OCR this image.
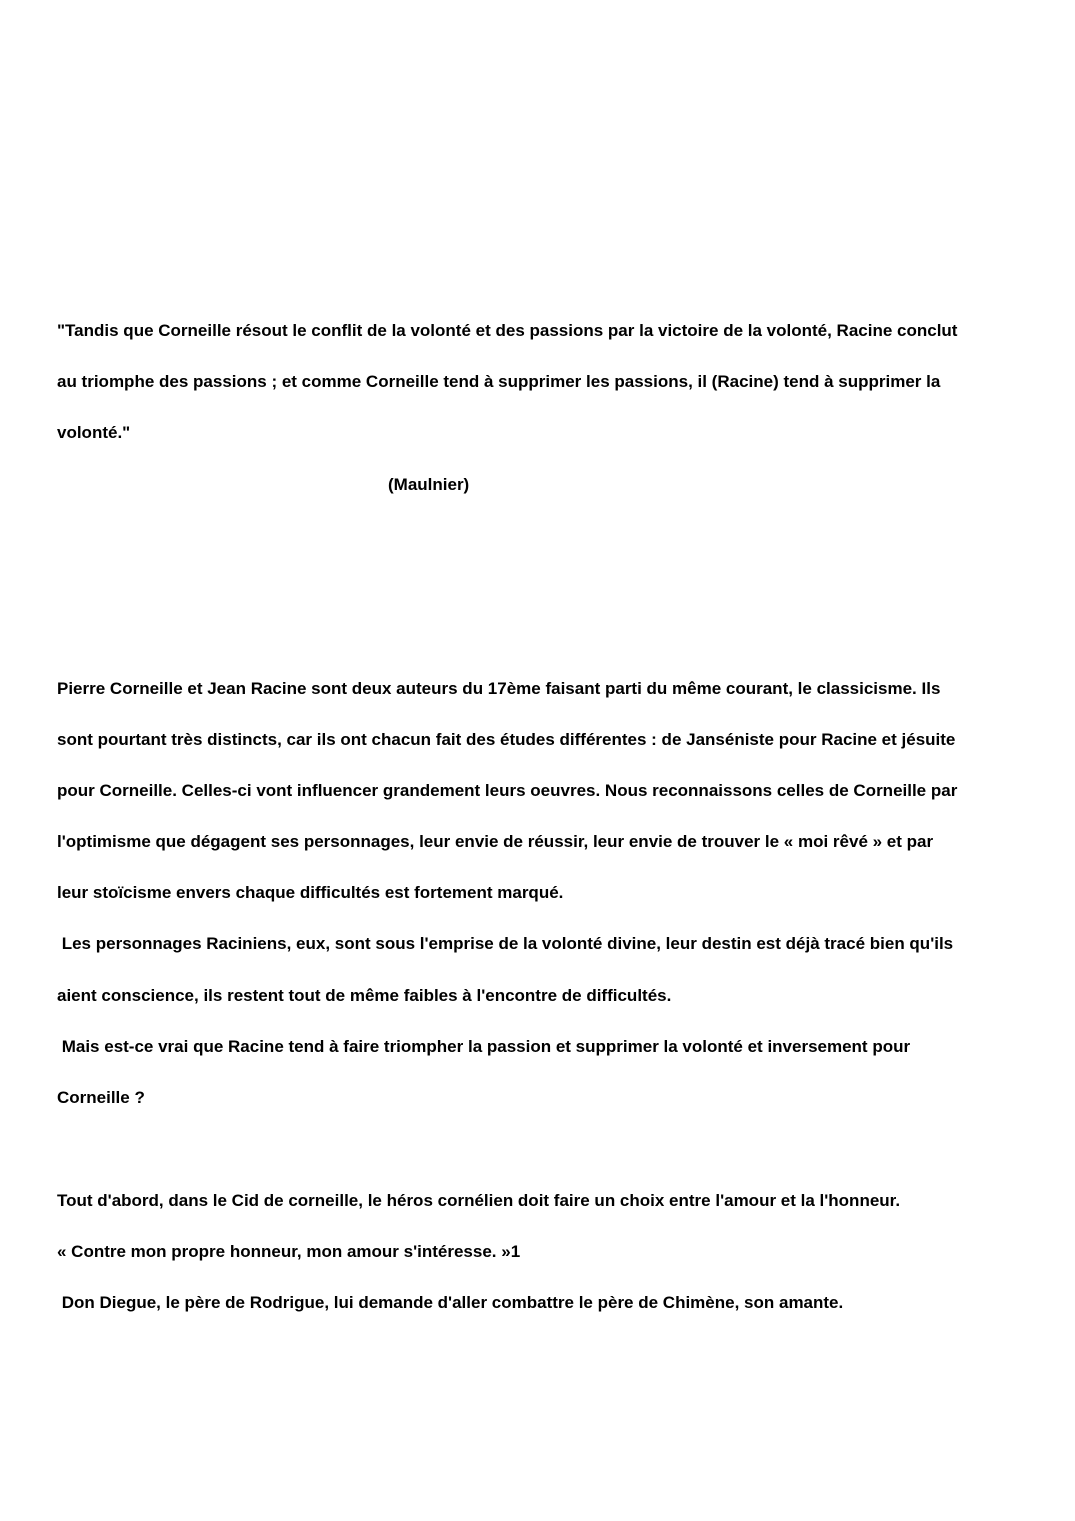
"Tandis que Corneille résout le conflit de la volonté et des passions par la victoire de la volonté, Racine conclut
au triomphe des passions ; et comme Corneille tend à supprimer les passions, il (Racine) tend à supprimer la
volonté."
(Maulnier)
Pierre Corneille et Jean Racine sont deux auteurs du 17ème faisant parti du même courant, le classicisme. Ils
sont pourtant très distincts, car ils ont chacun fait des études différentes : de Janséniste pour Racine et jésuite
pour Corneille. Celles-ci vont influencer grandement leurs oeuvres. Nous reconnaissons celles de Corneille par
l'optimisme que dégagent ses personnages, leur envie de réussir, leur envie de trouver le « moi rêvé » et par
leur stoïcisme envers chaque difficultés est fortement marqué.
Les personnages Raciniens, eux, sont sous l'emprise de la volonté divine, leur destin est déjà tracé bien qu'ils
aient conscience, ils restent tout de même faibles à l'encontre de difficultés.
Mais est-ce vrai que Racine tend à faire triompher la passion et supprimer la volonté et inversement pour
Corneille ?
Tout d'abord, dans le Cid de corneille, le héros cornélien doit faire un choix entre l'amour et la l'honneur.
« Contre mon propre honneur, mon amour s'intéresse. »1
Don Diegue, le père de Rodrigue, lui demande d'aller combattre le père de Chimène, son amante.
